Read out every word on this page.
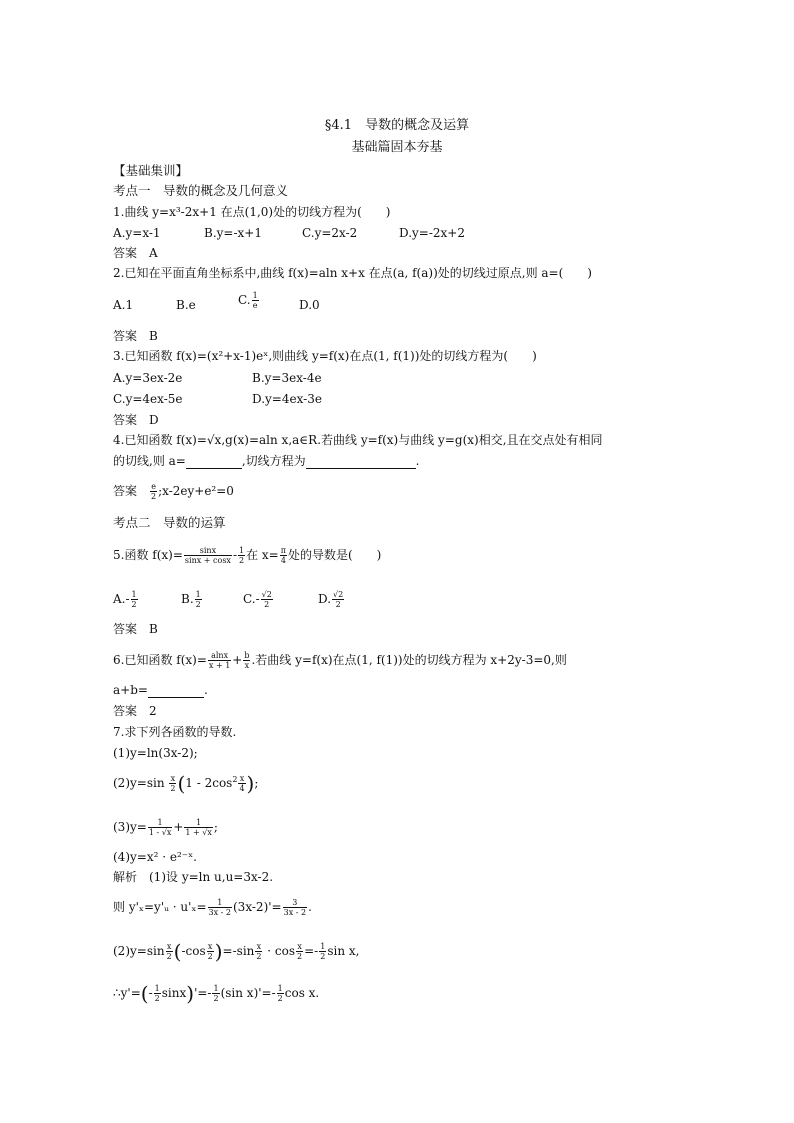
§4.1　导数的概念及运算
基础篇固本夯基
【基础集训】
考点一　导数的概念及几何意义
1.曲线 y=x³-2x+1 在点(1,0)处的切线方程为(　　)
A.y=x-1	B.y=-x+1	C.y=2x-2	D.y=-2x+2
答案　A
2.已知在平面直角坐标系中,曲线 f(x)=aln x+x 在点(a, f(a))处的切线过原点,则 a=(　　)
A.1	B.e	C. $\frac{1}{e}$	D.0
答案　B
3.已知函数 f(x)=(x²+x-1)eˣ,则曲线 y=f(x)在点(1, f(1))处的切线方程为(　　)
A.y=3ex-2e	B.y=3ex-4e
C.y=4ex-5e	D.y=4ex-3e
答案　D
4.已知函数 f(x)=√x,g(x)=aln x,a∈R.若曲线 y=f(x)与曲线 y=g(x)相交,且在交点处有相同
的切线,则 a=	,切线方程为	.
答案　 $\frac{e}{2}$ ;x-2ey+e²=0
考点二　导数的运算
5.函数 $f(x)= \frac{\sin x}{\sin x + \cos x} - \frac{1}{2}$ 在 $x= \frac{\pi}{4}$ 处的导数是(　　)
$A.- \frac{1}{2}$	B. $\frac{1}{2}$	$C.- \frac{√2}{2}$	D. $\frac{√2}{2}$
答案　B
6.已知函数 $f(x)= \frac{alnx}{x + 1} + \frac{b}{x}$ .若曲线 y=f(x)在点(1, f(1))处的切线方程为 x+2y-3=0,则
a+b=	.
答案　2
7.求下列各函数的导数.
(1)y=ln(3x-2);
$(2)y=\sin \frac{x}{2} (1 - 2\cos^2 \frac{x}{4}$ );
$(3)y= \frac{1}{1 - √x} + \frac{1}{1 + √x}$ ;
(4)y=x² · e²⁻ˣ.
解析　(1)设 y=ln u,u=3x-2.
则 y'ₓ=y'ᵤ · $u'_x= \frac{1}{3x - 2} (3x-2)'= \frac{3}{3x - 2}$ .
$(2)y=\sin \frac{x}{2} (-\cos \frac{x}{2} )=-\sin \frac{x}{2} \cdot \cos \frac{x}{2} =- \frac{1}{2}$ sin x,
∴y'=(- $\frac{1}{2} \sin x)'=- \frac{1}{2} (\sin$ $x)'=- \frac{1}{2}$ cos x.
